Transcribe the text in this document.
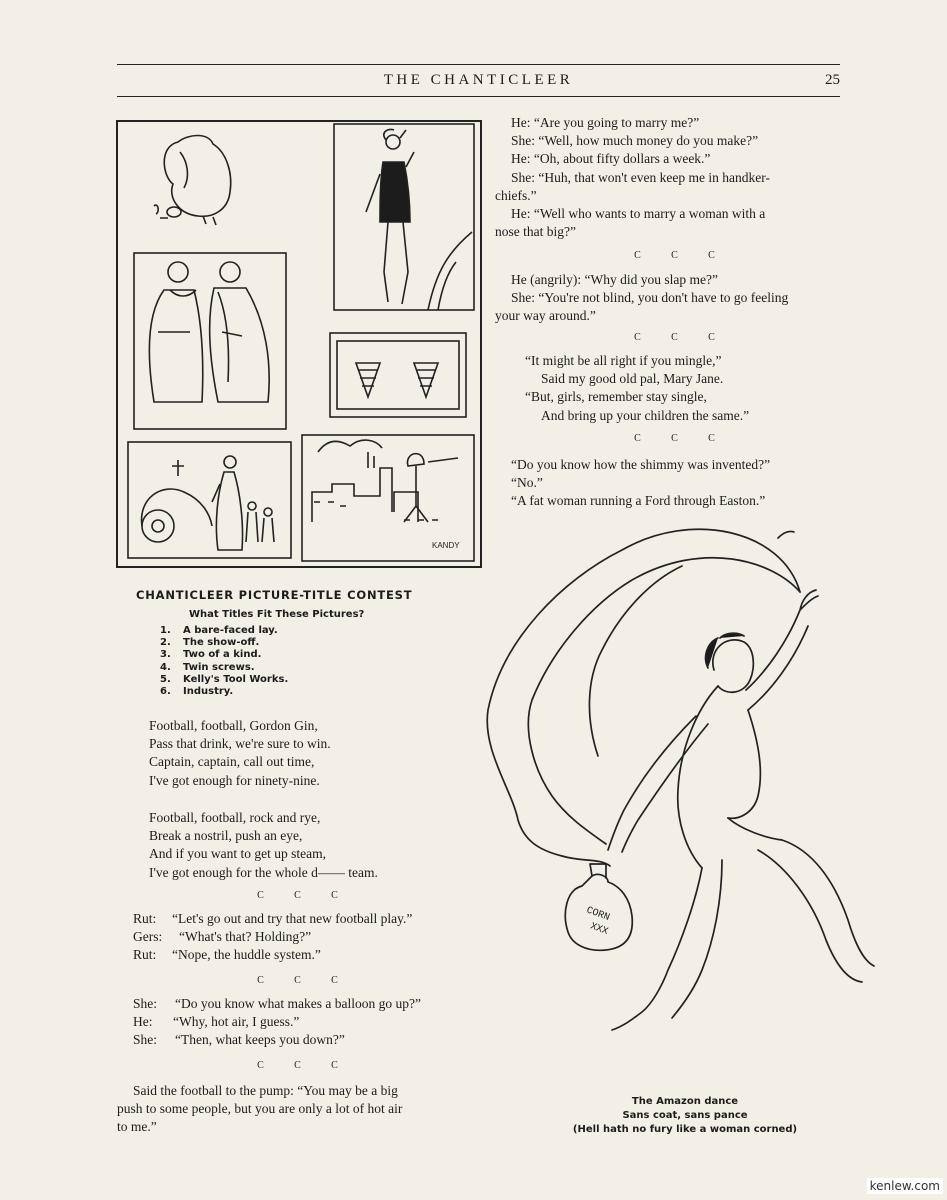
THE CHANTICLEER	25
KANDY
CHANTICLEER PICTURE-TITLE CONTEST
What Titles Fit These Pictures?
1. A bare-faced lay.
2. The show-off.
3. Two of a kind.
4. Twin screws.
5. Kelly's Tool Works.
6. Industry.
Football, football, Gordon Gin,
Pass that drink, we're sure to win.
Captain, captain, call out time,
I've got enough for ninety-nine.
Football, football, rock and rye,
Break a nostril, push an eye,
And if you want to get up steam,
I've got enough for the whole d—— team.
C	C	C
Rut: “Let's go out and try that new football play.”
Gers: “What's that? Holding?”
Rut: “Nope, the huddle system.”
C	C	C
She: “Do you know what makes a balloon go up?”
He: “Why, hot air, I guess.”
She: “Then, what keeps you down?”
C	C	C
Said the football to the pump: “You may be a big
push to some people, but you are only a lot of hot air
to me.”
He: “Are you going to marry me?”
She: “Well, how much money do you make?”
He: “Oh, about fifty dollars a week.”
She: “Huh, that won't even keep me in handker-
chiefs.”
He: “Well who wants to marry a woman with a
nose that big?”
C	C	C
He (angrily): “Why did you slap me?”
She: “You're not blind, you don't have to go feeling
your way around.”
C	C	C
“It might be all right if you mingle,”
Said my good old pal, Mary Jane.
“But, girls, remember stay single,
And bring up your children the same.”
C	C	C
“Do you know how the shimmy was invented?”
“No.”
“A fat woman running a Ford through Easton.”
CORN
XXX
The Amazon dance
Sans coat, sans pance
(Hell hath no fury like a woman corned)
kenlew.com
